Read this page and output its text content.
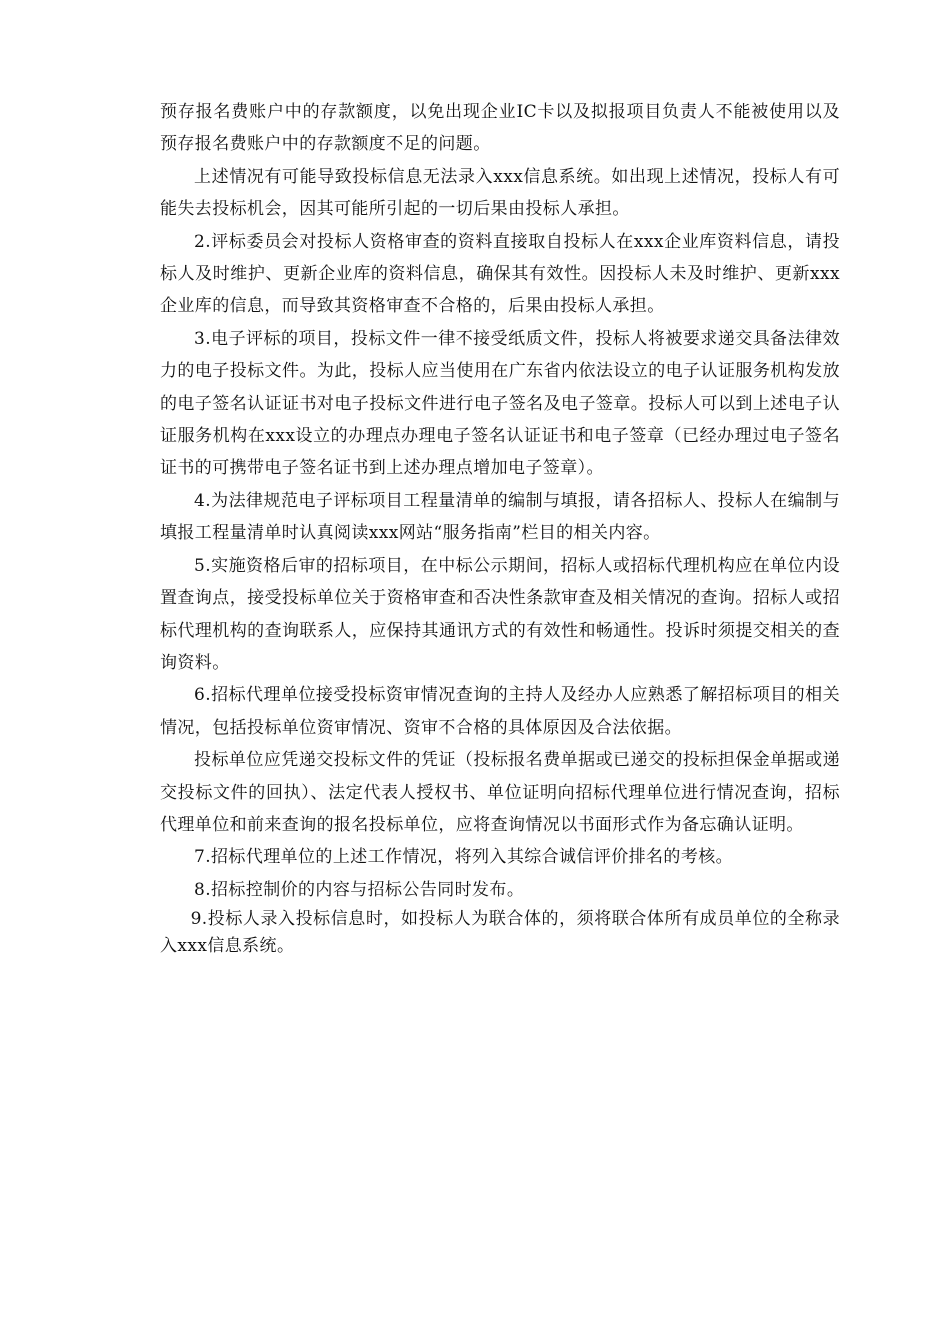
预存报名费账户中的存款额度，以免出现企业IC卡以及拟报项目负责人不能被使用以及预存报名费账户中的存款额度不足的问题。

上述情况有可能导致投标信息无法录入xxx信息系统。如出现上述情况，投标人有可能失去投标机会，因其可能所引起的一切后果由投标人承担。

2.评标委员会对投标人资格审查的资料直接取自投标人在xxx企业库资料信息，请投标人及时维护、更新企业库的资料信息，确保其有效性。因投标人未及时维护、更新xxx企业库的信息，而导致其资格审查不合格的，后果由投标人承担。

3.电子评标的项目，投标文件一律不接受纸质文件，投标人将被要求递交具备法律效力的电子投标文件。为此，投标人应当使用在广东省内依法设立的电子认证服务机构发放的电子签名认证证书对电子投标文件进行电子签名及电子签章。投标人可以到上述电子认证服务机构在xxx设立的办理点办理电子签名认证证书和电子签章（已经办理过电子签名证书的可携带电子签名证书到上述办理点增加电子签章）。

4.为法律规范电子评标项目工程量清单的编制与填报，请各招标人、投标人在编制与填报工程量清单时认真阅读xxx网站“服务指南”栏目的相关内容。

5.实施资格后审的招标项目，在中标公示期间，招标人或招标代理机构应在单位内设置查询点，接受投标单位关于资格审查和否决性条款审查及相关情况的查询。招标人或招标代理机构的查询联系人，应保持其通讯方式的有效性和畅通性。投诉时须提交相关的查询资料。

6.招标代理单位接受投标资审情况查询的主持人及经办人应熟悉了解招标项目的相关情况，包括投标单位资审情况、资审不合格的具体原因及合法依据。

投标单位应凭递交投标文件的凭证（投标报名费单据或已递交的投标担保金单据或递交投标文件的回执）、法定代表人授权书、单位证明向招标代理单位进行情况查询，招标代理单位和前来查询的报名投标单位，应将查询情况以书面形式作为备忘确认证明。

7.招标代理单位的上述工作情况，将列入其综合诚信评价排名的考核。

8.招标控制价的内容与招标公告同时发布。

9.投标人录入投标信息时，如投标人为联合体的，须将联合体所有成员单位的全称录入xxx信息系统。
